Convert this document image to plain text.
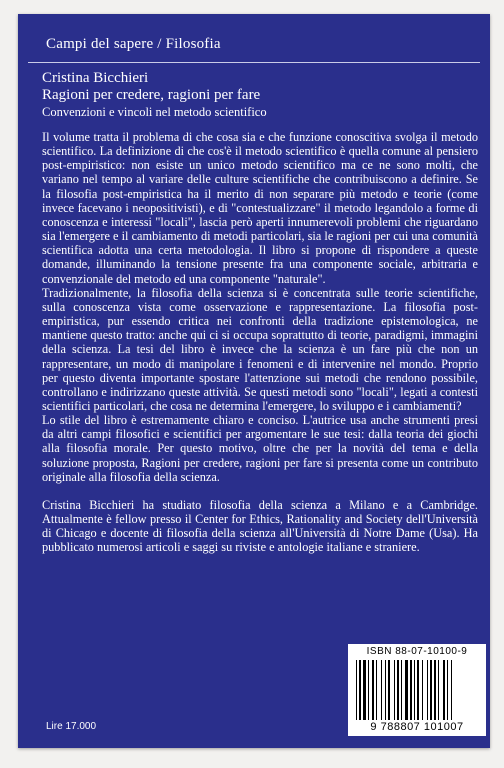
Campi del sapere / Filosofia
Cristina Bicchieri
Ragioni per credere, ragioni per fare
Convenzioni e vincoli nel metodo scientifico

Il volume tratta il problema di che cosa sia e che funzione conoscitiva svolga il metodo scientifico. La definizione di che cos'è il metodo scientifico è quella comune al pensiero post-empiristico: non esiste un unico metodo scientifico ma ce ne sono molti, che variano nel tempo al variare delle culture scientifiche che contribuiscono a definire. Se la filosofia post-empiristica ha il merito di non separare più metodo e teorie (come invece facevano i neopositivisti), e di "contestualizzare" il metodo legandolo a forme di conoscenza e interessi "locali", lascia però aperti innumerevoli problemi che riguardano sia l'emergere e il cambiamento di metodi particolari, sia le ragioni per cui una comunità scientifica adotta una certa metodologia. Il libro si propone di rispondere a queste domande, illuminando la tensione presente fra una componente sociale, arbitraria e convenzionale del metodo ed una componente "naturale".

Tradizionalmente, la filosofia della scienza si è concentrata sulle teorie scientifiche, sulla conoscenza vista come osservazione e rappresentazione. La filosofia post-empiristica, pur essendo critica nei confronti della tradizione epistemologica, ne mantiene questo tratto: anche qui ci si occupa soprattutto di teorie, paradigmi, immagini della scienza. La tesi del libro è invece che la scienza è un fare più che non un rappresentare, un modo di manipolare i fenomeni e di intervenire nel mondo. Proprio per questo diventa importante spostare l'attenzione sui metodi che rendono possibile, controllano e indirizzano queste attività. Se questi metodi sono "locali", legati a contesti scientifici particolari, che cosa ne determina l'emergere, lo sviluppo e i cambiamenti?

Lo stile del libro è estremamente chiaro e conciso. L'autrice usa anche strumenti presi da altri campi filosofici e scientifici per argomentare le sue tesi: dalla teoria dei giochi alla filosofia morale. Per questo motivo, oltre che per la novità del tema e della soluzione proposta, Ragioni per credere, ragioni per fare si presenta come un contributo originale alla filosofia della scienza.

Cristina Bicchieri ha studiato filosofia della scienza a Milano e a Cambridge. Attualmente è fellow presso il Center for Ethics, Rationality and Society dell'Università di Chicago e docente di filosofia della scienza all'Università di Notre Dame (Usa). Ha pubblicato numerosi articoli e saggi su riviste e antologie italiane e straniere.

Lire 17.000
ISBN 88-07-10100-9
9 788807 101007
